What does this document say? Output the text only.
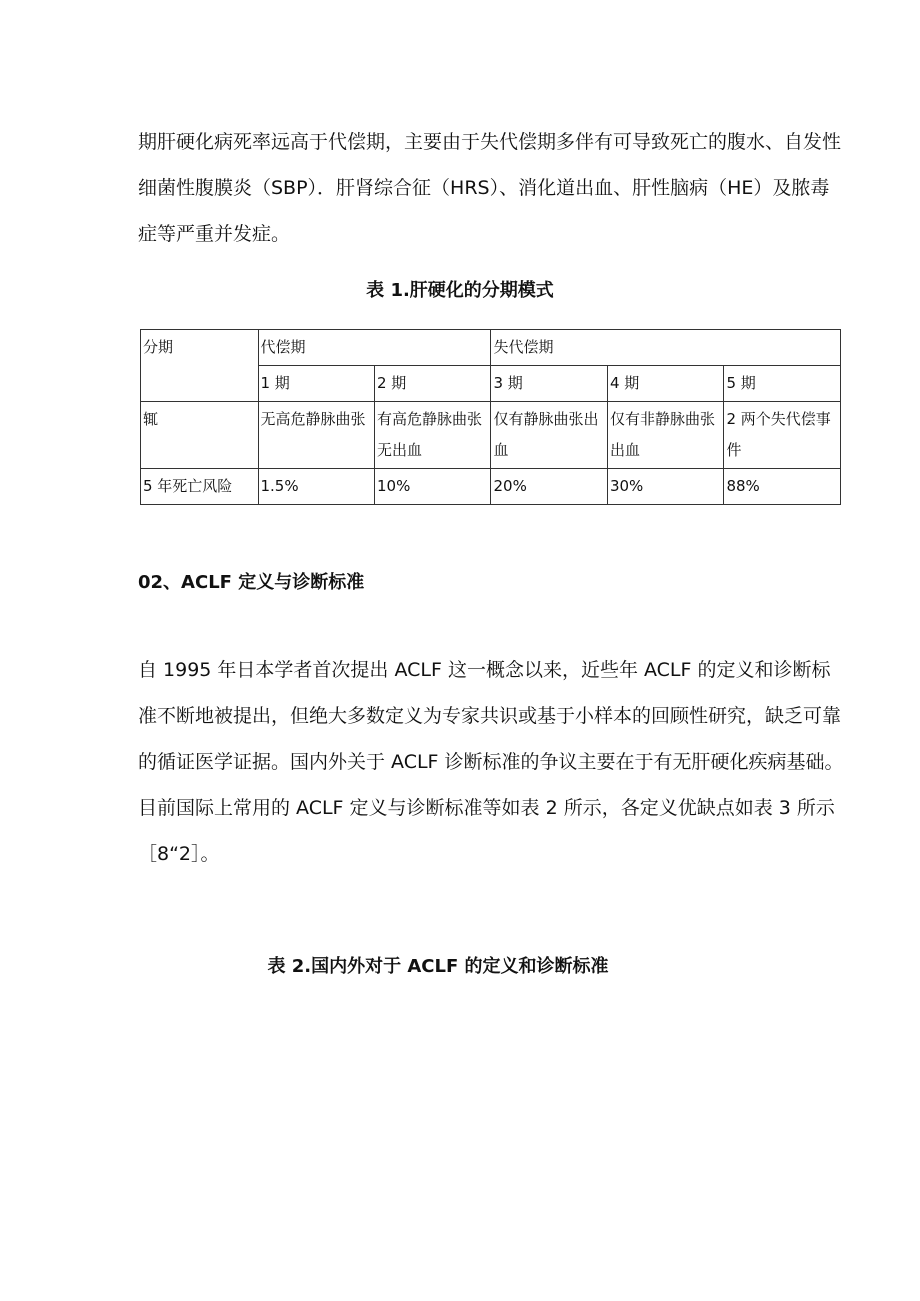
期肝硬化病死率远高于代偿期，主要由于失代偿期多伴有可导致死亡的腹水、自发性细菌性腹膜炎（SBP）．肝肾综合征（HRS）、消化道出血、肝性脑病（HE）及脓毒症等严重并发症。

表 1.肝硬化的分期模式

分期	代偿期		失代偿期		
	1 期	2 期	3 期	4 期	5 期
辄	无高危静脉曲张	有高危静脉曲张无出血	仅有静脉曲张出血	仅有非静脉曲张出血	2 两个失代偿事件
5 年死亡风险	1.5%	10%	20%	30%	88%

02、ACLF 定义与诊断标准

自 1995 年日本学者首次提出 ACLF 这一概念以来，近些年 ACLF 的定义和诊断标准不断地被提出，但绝大多数定义为专家共识或基于小样本的回顾性研究，缺乏可靠的循证医学证据。国内外关于 ACLF 诊断标准的争议主要在于有无肝硬化疾病基础。目前国际上常用的 ACLF 定义与诊断标准等如表 2 所示，各定义优缺点如表 3 所示［8“2］。

表 2.国内外对于 ACLF 的定义和诊断标准
